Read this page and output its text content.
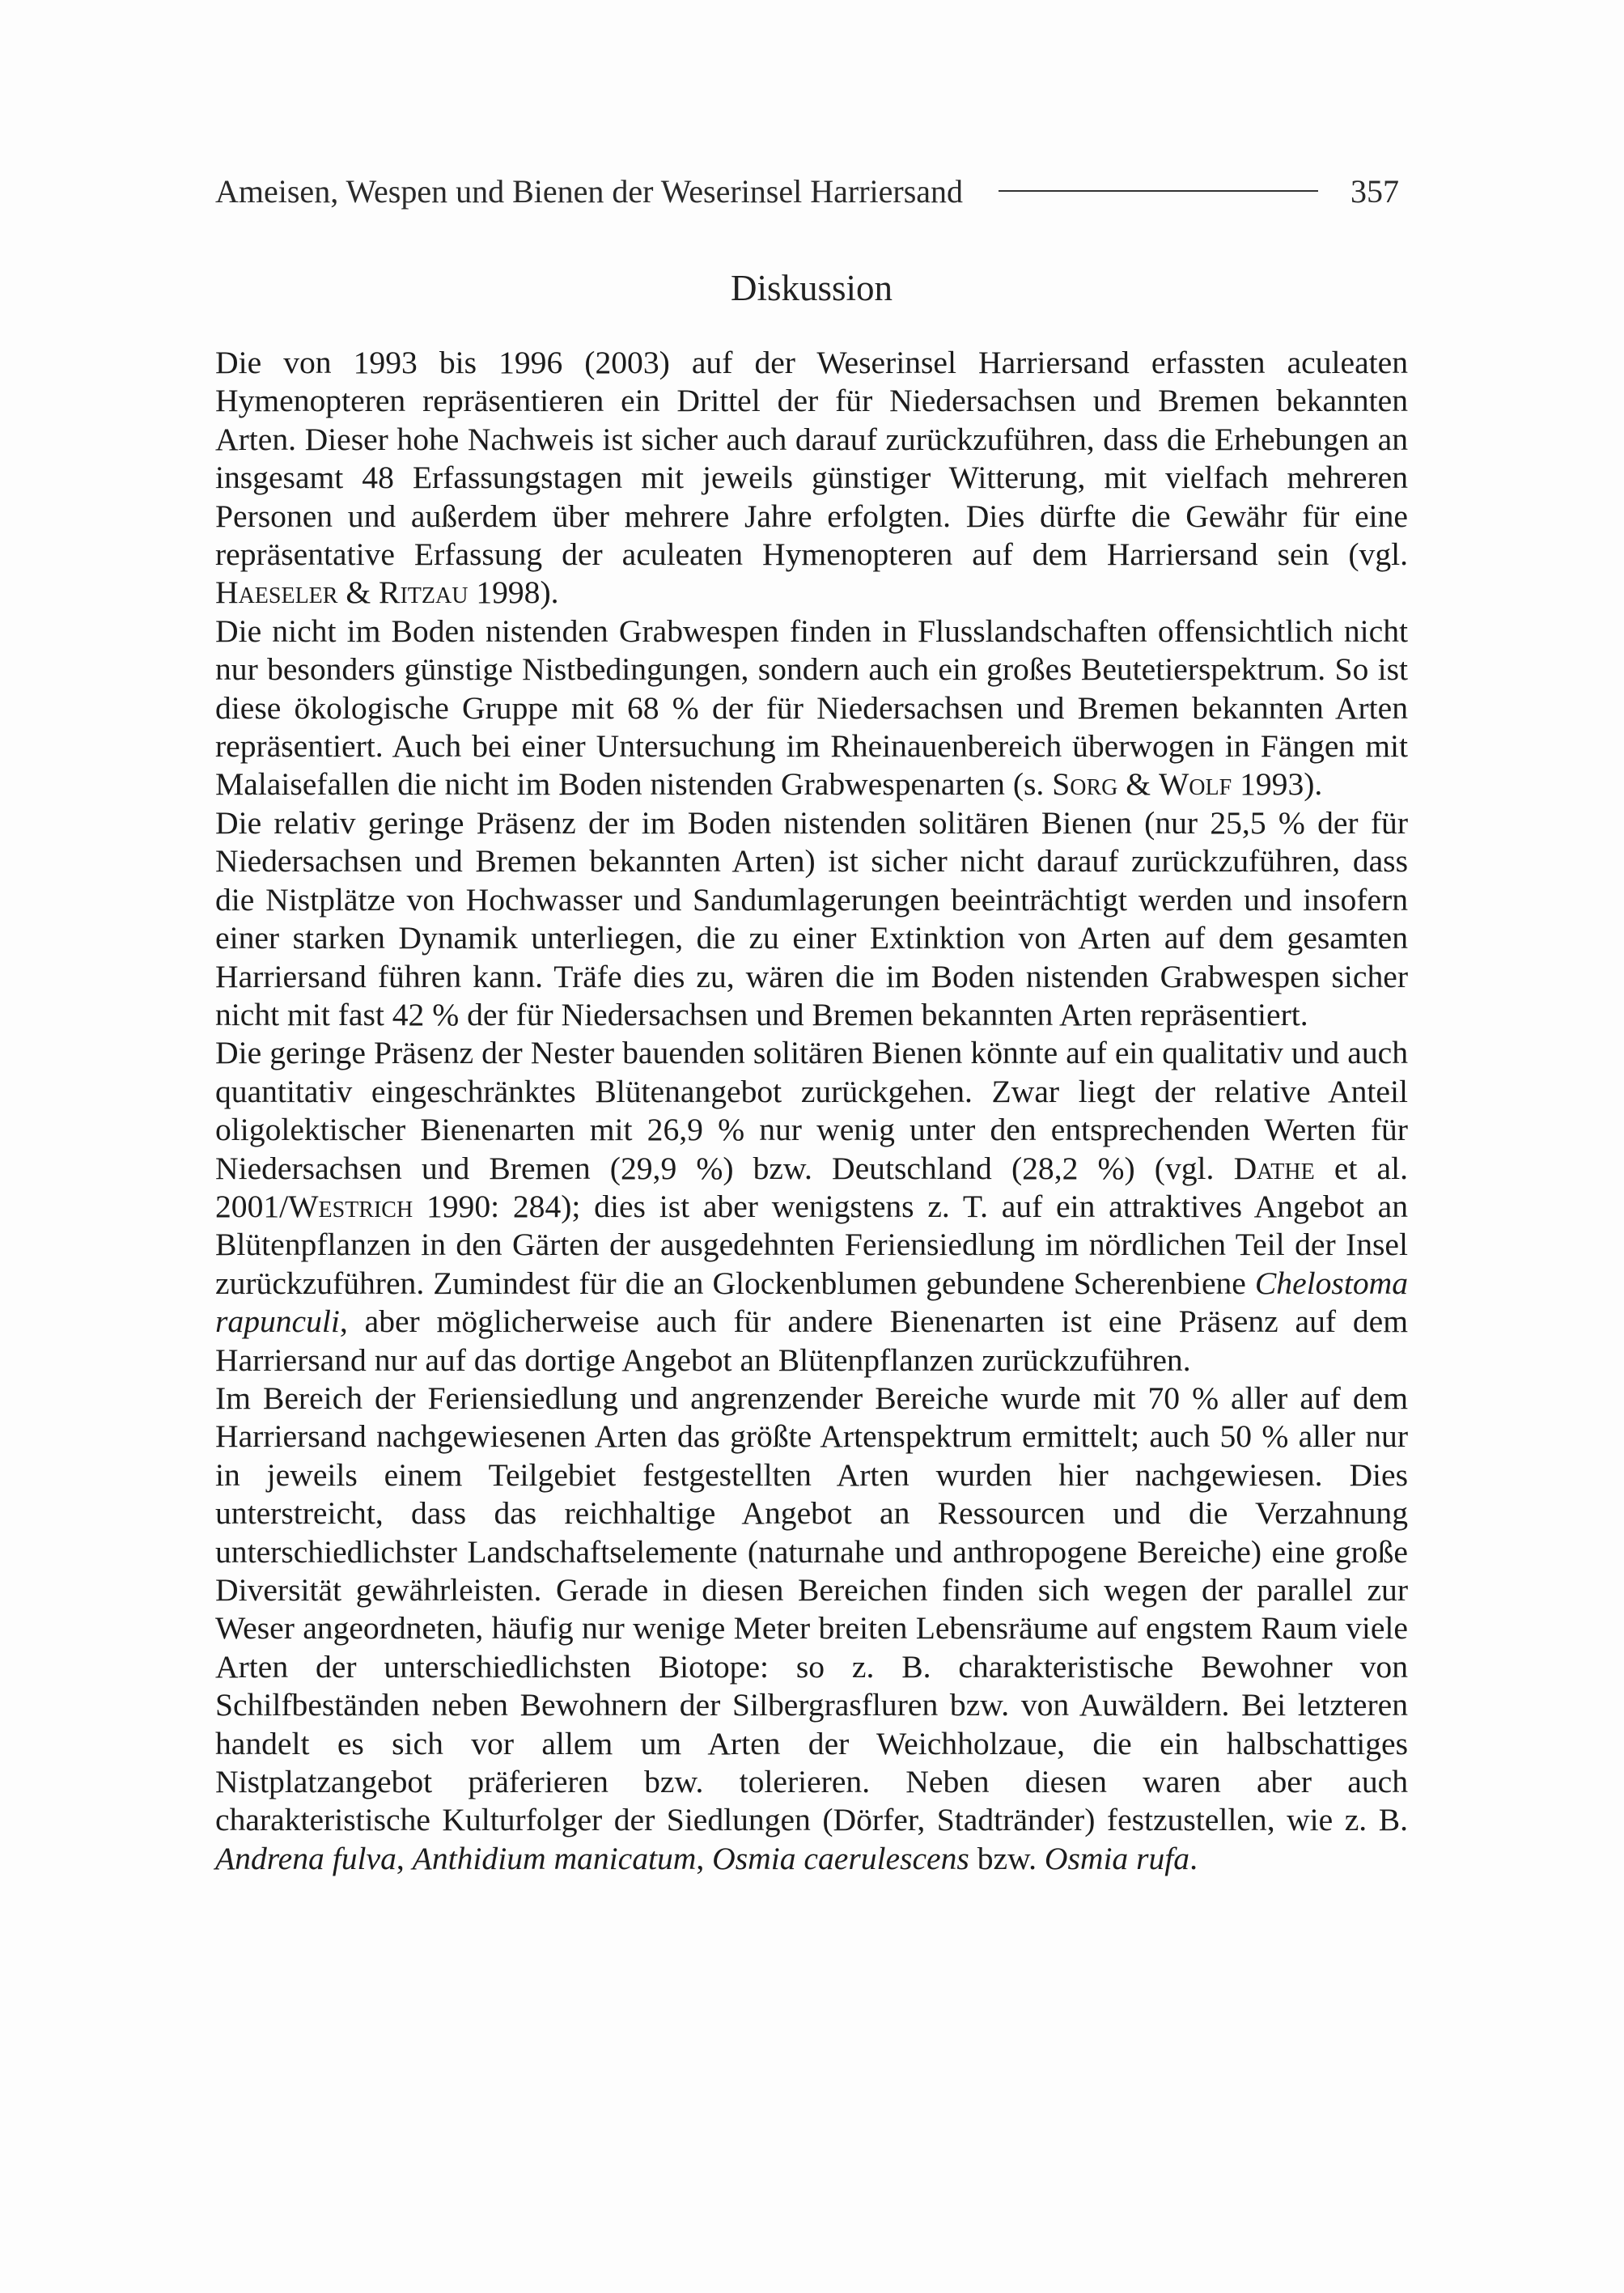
Ameisen, Wespen und Bienen der Weserinsel Harriersand	357
Diskussion

Die von 1993 bis 1996 (2003) auf der Weserinsel Harriersand erfassten aculeaten Hymenopteren repräsentieren ein Drittel der für Niedersachsen und Bremen bekannten Arten. Dieser hohe Nachweis ist sicher auch darauf zurückzuführen, dass die Erhebungen an insgesamt 48 Erfassungstagen mit jeweils günstiger Witterung, mit vielfach mehreren Personen und außerdem über mehrere Jahre erfolgten. Dies dürfte die Gewähr für eine repräsentative Erfassung der aculeaten Hymenopteren auf dem Harriersand sein (vgl. Haeseler & Ritzau 1998).

Die nicht im Boden nistenden Grabwespen finden in Flusslandschaften offensichtlich nicht nur besonders günstige Nistbedingungen, sondern auch ein großes Beutetierspektrum. So ist diese ökologische Gruppe mit 68 % der für Niedersachsen und Bremen bekannten Arten repräsentiert. Auch bei einer Untersuchung im Rheinauenbereich überwogen in Fängen mit Malaisefallen die nicht im Boden nistenden Grabwespenarten (s. Sorg & Wolf 1993).

Die relativ geringe Präsenz der im Boden nistenden solitären Bienen (nur 25,5 % der für Niedersachsen und Bremen bekannten Arten) ist sicher nicht darauf zurückzuführen, dass die Nistplätze von Hochwasser und Sandumlagerungen beeinträchtigt werden und insofern einer starken Dynamik unterliegen, die zu einer Extinktion von Arten auf dem gesamten Harriersand führen kann. Träfe dies zu, wären die im Boden nistenden Grabwespen sicher nicht mit fast 42 % der für Niedersachsen und Bremen bekannten Arten repräsentiert.

Die geringe Präsenz der Nester bauenden solitären Bienen könnte auf ein qualitativ und auch quantitativ eingeschränktes Blütenangebot zurückgehen. Zwar liegt der relative Anteil oligolektischer Bienenarten mit 26,9 % nur wenig unter den entsprechenden Werten für Niedersachsen und Bremen (29,9 %) bzw. Deutschland (28,2 %) (vgl. Dathe et al. 2001/Westrich 1990: 284); dies ist aber wenigstens z. T. auf ein attraktives Angebot an Blütenpflanzen in den Gärten der ausgedehnten Feriensiedlung im nördlichen Teil der Insel zurückzuführen. Zumindest für die an Glockenblumen gebundene Scherenbiene Chelostoma rapunculi, aber möglicherweise auch für andere Bienenarten ist eine Präsenz auf dem Harriersand nur auf das dortige Angebot an Blütenpflanzen zurückzuführen.

Im Bereich der Feriensiedlung und angrenzender Bereiche wurde mit 70 % aller auf dem Harriersand nachgewiesenen Arten das größte Artenspektrum ermittelt; auch 50 % aller nur in jeweils einem Teilgebiet festgestellten Arten wurden hier nachgewiesen. Dies unterstreicht, dass das reichhaltige Angebot an Ressourcen und die Verzahnung unterschiedlichster Landschaftselemente (naturnahe und anthropogene Bereiche) eine große Diversität gewährleisten. Gerade in diesen Bereichen finden sich wegen der parallel zur Weser angeordneten, häufig nur wenige Meter breiten Lebensräume auf engstem Raum viele Arten der unterschiedlichsten Biotope: so z. B. charakteristische Bewohner von Schilfbeständen neben Bewohnern der Silbergrasfluren bzw. von Auwäldern. Bei letzteren handelt es sich vor allem um Arten der Weichholzaue, die ein halbschattiges Nistplatzangebot präferieren bzw. tolerieren. Neben diesen waren aber auch charakteristische Kulturfolger der Siedlungen (Dörfer, Stadtränder) festzustellen, wie z. B. Andrena fulva, Anthidium manicatum, Osmia caerulescens bzw. Osmia rufa.
